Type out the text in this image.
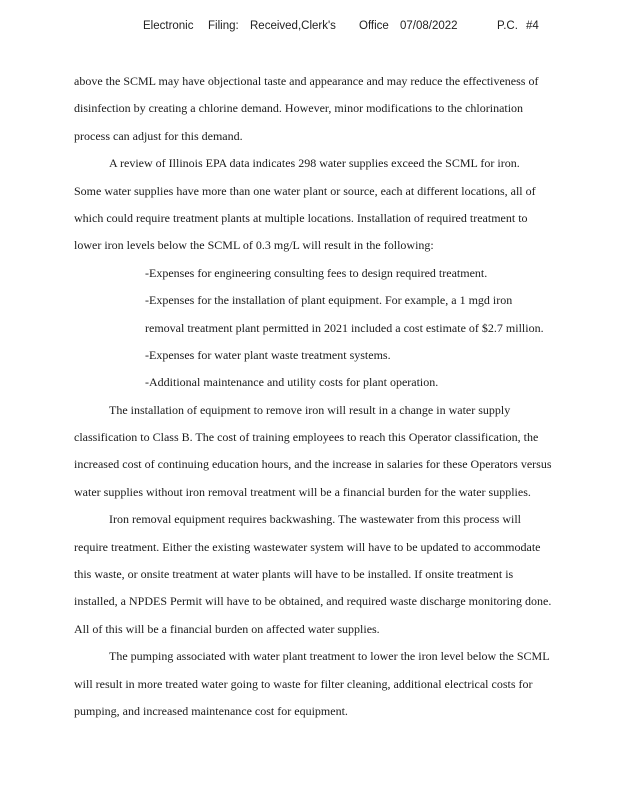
Electronic Filing: Received,Clerk's Office 07/08/2022	P.C. #4
above the SCML may have objectional taste and appearance and may reduce the effectiveness of
disinfection by creating a chlorine demand. However, minor modifications to the chlorination
process can adjust for this demand.
A review of Illinois EPA data indicates 298 water supplies exceed the SCML for iron.
Some water supplies have more than one water plant or source, each at different locations, all of
which could require treatment plants at multiple locations. Installation of required treatment to
lower iron levels below the SCML of 0.3 mg/L will result in the following:
-Expenses for engineering consulting fees to design required treatment.
-Expenses for the installation of plant equipment. For example, a 1 mgd iron
removal treatment plant permitted in 2021 included a cost estimate of $2.7 million.
-Expenses for water plant waste treatment systems.
-Additional maintenance and utility costs for plant operation.
The installation of equipment to remove iron will result in a change in water supply
classification to Class B. The cost of training employees to reach this Operator classification, the
increased cost of continuing education hours, and the increase in salaries for these Operators versus
water supplies without iron removal treatment will be a financial burden for the water supplies.
Iron removal equipment requires backwashing. The wastewater from this process will
require treatment. Either the existing wastewater system will have to be updated to accommodate
this waste, or onsite treatment at water plants will have to be installed. If onsite treatment is
installed, a NPDES Permit will have to be obtained, and required waste discharge monitoring done.
All of this will be a financial burden on affected water supplies.
The pumping associated with water plant treatment to lower the iron level below the SCML
will result in more treated water going to waste for filter cleaning, additional electrical costs for
pumping, and increased maintenance cost for equipment.
